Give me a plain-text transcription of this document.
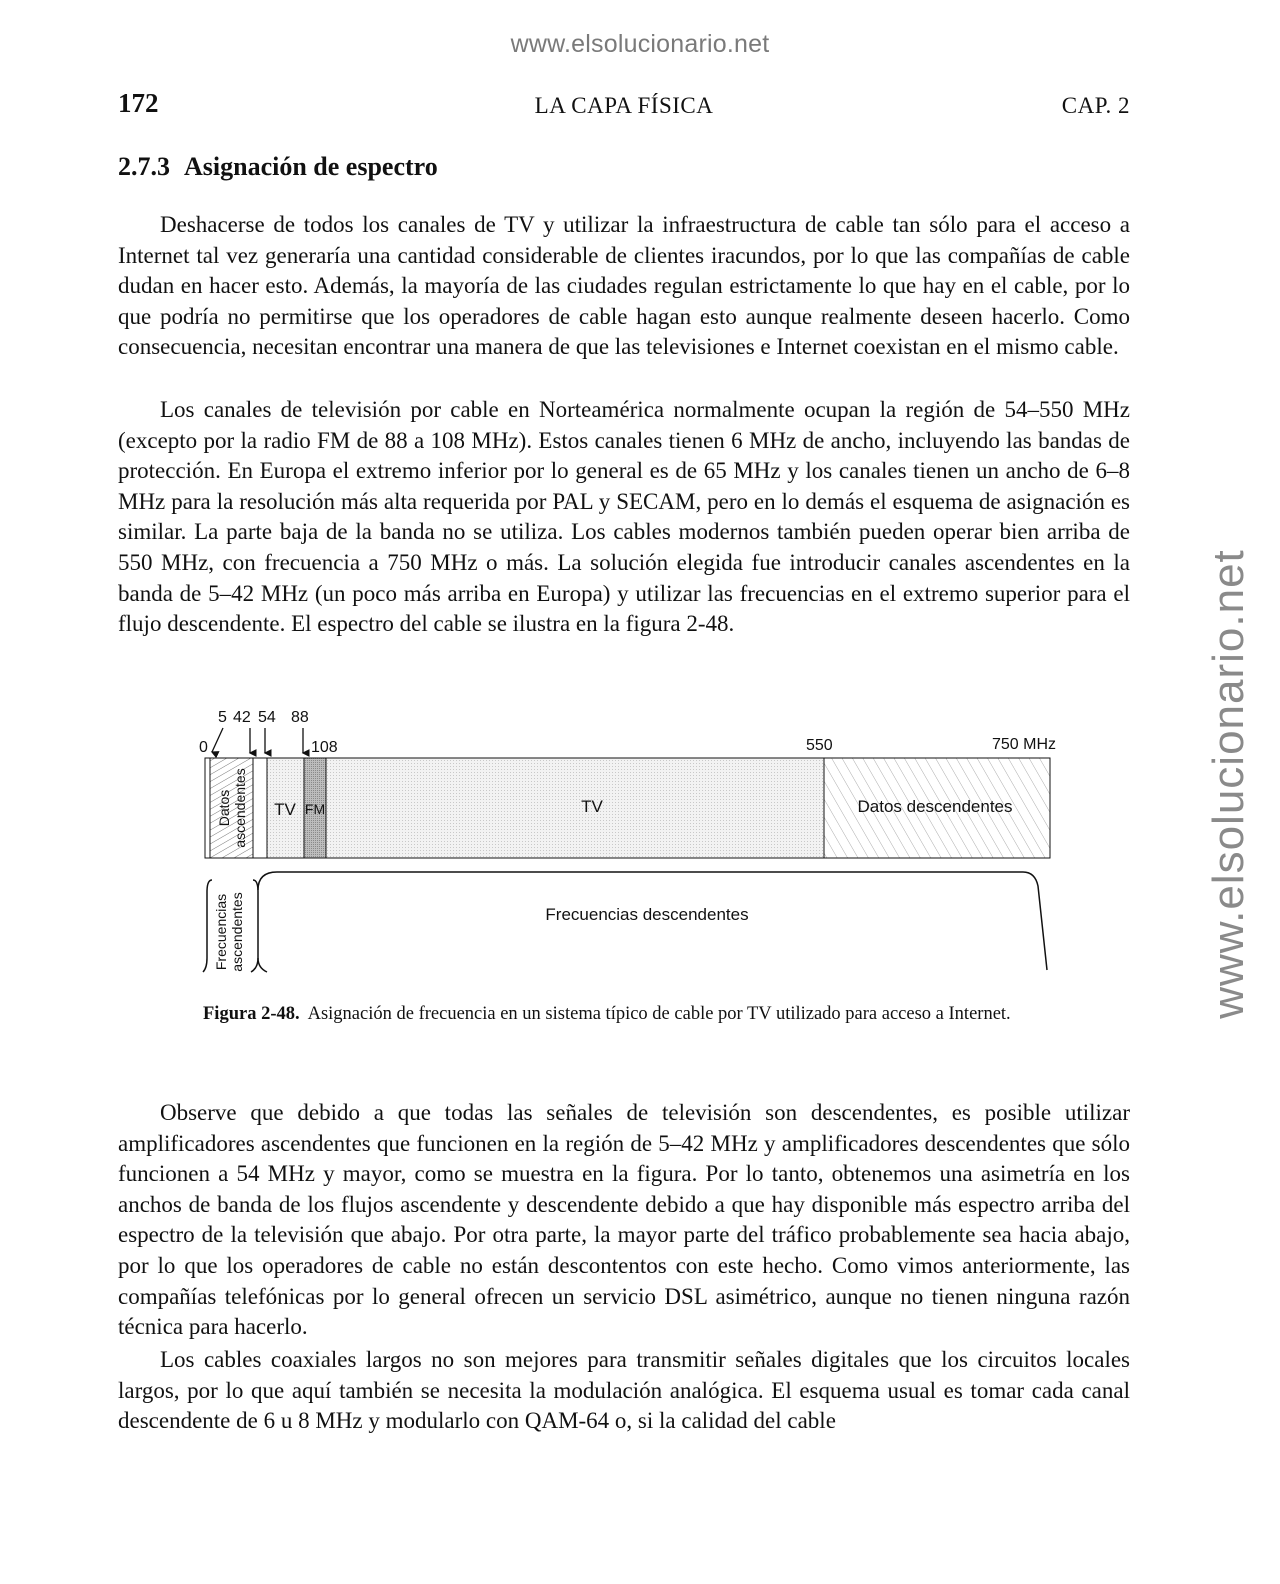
www.elsolucionario.net
www.elsolucionario.net
172	LA CAPA FÍSICA	CAP. 2
2.7.3 Asignación de espectro

Deshacerse de todos los canales de TV y utilizar la infraestructura de cable tan sólo para el acceso a Internet tal vez generaría una cantidad considerable de clientes iracundos, por lo que las compañías de cable dudan en hacer esto. Además, la mayoría de las ciudades regulan estrictamente lo que hay en el cable, por lo que podría no permitirse que los operadores de cable hagan esto aunque realmente deseen hacerlo. Como consecuencia, necesitan encontrar una manera de que las televisiones e Internet coexistan en el mismo cable.

Los canales de televisión por cable en Norteamérica normalmente ocupan la región de 54–550 MHz (excepto por la radio FM de 88 a 108 MHz). Estos canales tienen 6 MHz de ancho, incluyendo las bandas de protección. En Europa el extremo inferior por lo general es de 65 MHz y los canales tienen un ancho de 6–8 MHz para la resolución más alta requerida por PAL y SECAM, pero en lo demás el esquema de asignación es similar. La parte baja de la banda no se utiliza. Los cables modernos también pueden operar bien arriba de 550 MHz, con frecuencia a 750 MHz o más. La solución elegida fue introducir canales ascendentes en la banda de 5–42 MHz (un poco más arriba en Europa) y utilizar las frecuencias en el extremo superior para el flujo descendente. El espectro del cable se ilustra en la figura 2-48.

5 42 54 88
0	108	550	750 MHz
Datos ascendentes TV FM	TV	Datos descendentes
Frecuencias ascendentes	Frecuencias descendentes
Figura 2-48. Asignación de frecuencia en un sistema típico de cable por TV utilizado para acceso a Internet.

Observe que debido a que todas las señales de televisión son descendentes, es posible utilizar amplificadores ascendentes que funcionen en la región de 5–42 MHz y amplificadores descendentes que sólo funcionen a 54 MHz y mayor, como se muestra en la figura. Por lo tanto, obtenemos una asimetría en los anchos de banda de los flujos ascendente y descendente debido a que hay disponible más espectro arriba del espectro de la televisión que abajo. Por otra parte, la mayor parte del tráfico probablemente sea hacia abajo, por lo que los operadores de cable no están descontentos con este hecho. Como vimos anteriormente, las compañías telefónicas por lo general ofrecen un servicio DSL asimétrico, aunque no tienen ninguna razón técnica para hacerlo.

Los cables coaxiales largos no son mejores para transmitir señales digitales que los circuitos locales largos, por lo que aquí también se necesita la modulación analógica. El esquema usual es tomar cada canal descendente de 6 u 8 MHz y modularlo con QAM-64 o, si la calidad del cable
